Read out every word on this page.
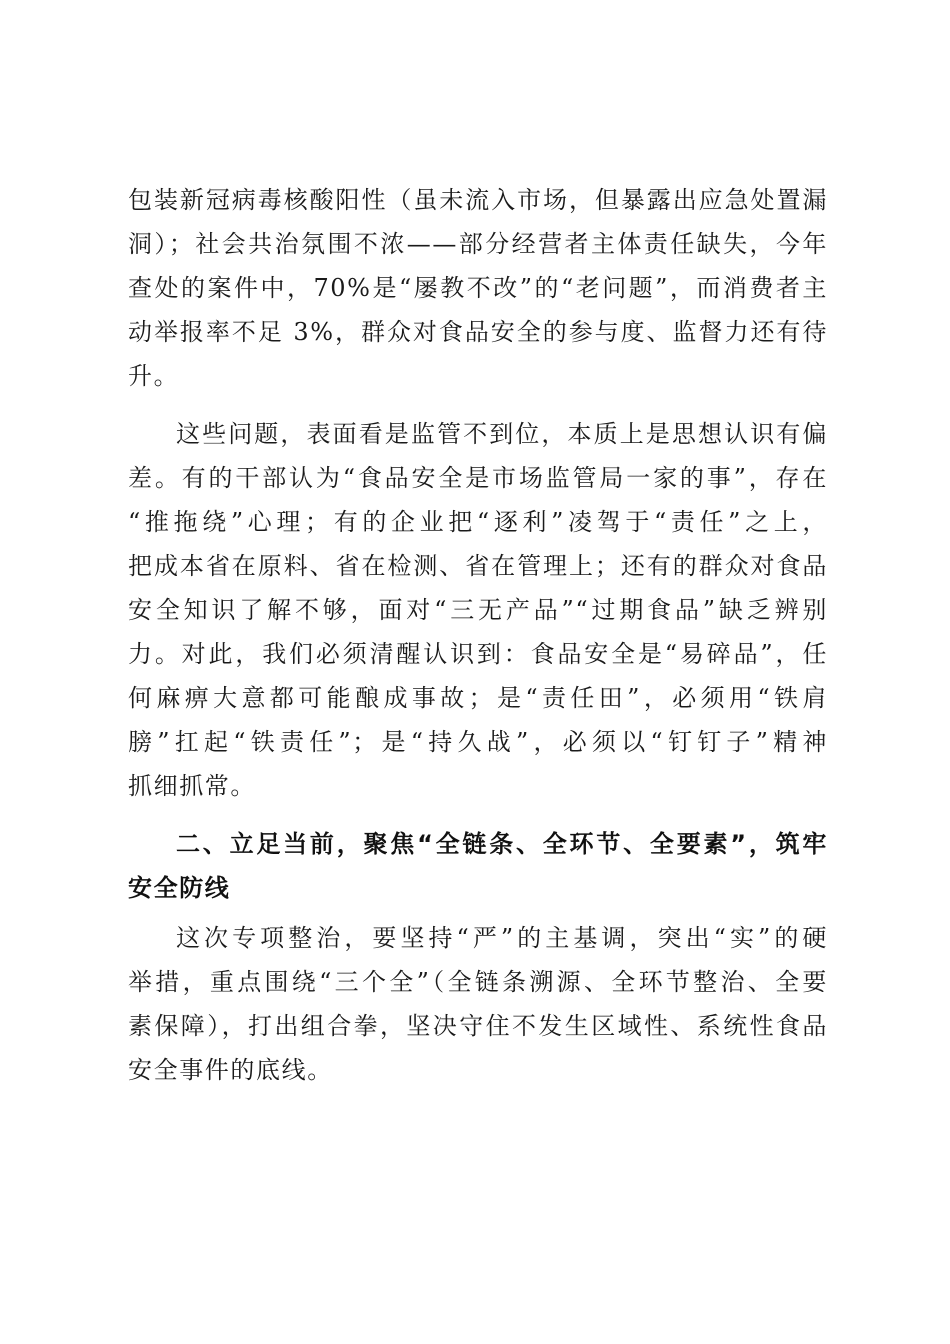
包装新冠病毒核酸阳性（虽未流入市场，但暴露出应急处置漏
洞）；社会共治氛围不浓——部分经营者主体责任缺失，今年
查处的案件中，70%是“屡教不改”的“老问题”，而消费者主
动举报率不足 3%，群众对食品安全的参与度、监督力还有待
升。
这些问题，表面看是监管不到位，本质上是思想认识有偏
差。有的干部认为“食品安全是市场监管局一家的事”，存在
“推拖绕”心理；有的企业把“逐利”凌驾于“责任”之上，
把成本省在原料、省在检测、省在管理上；还有的群众对食品
安全知识了解不够，面对“三无产品”“过期食品”缺乏辨别
力。对此，我们必须清醒认识到：食品安全是“易碎品”，任
何麻痹大意都可能酿成事故；是“责任田”，必须用“铁肩
膀”扛起“铁责任”；是“持久战”，必须以“钉钉子”精神
抓细抓常。
二、立足当前，聚焦“全链条、全环节、全要素”，筑牢
安全防线
这次专项整治，要坚持“严”的主基调，突出“实”的硬
举措，重点围绕“三个全”（全链条溯源、全环节整治、全要
素保障），打出组合拳，坚决守住不发生区域性、系统性食品
安全事件的底线。
